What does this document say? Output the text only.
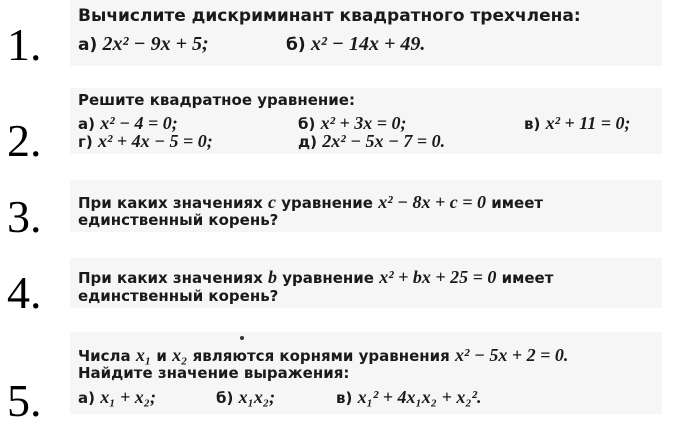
1.
Вычислите дискриминант квадратного трехчлена:
а) 2x² − 9x + 5;	б) x² − 14x + 49.
2.
Решите квадратное уравнение:
а) x² − 4 = 0;	б) x² + 3x = 0;	в) x² + 11 = 0;
г) x² + 4x − 5 = 0;	д) 2x² − 5x − 7 = 0.
3. При каких значениях c уравнение x² − 8x + c = 0 имеет
единственный корень?
4. При каких значениях b уравнение x² + bx + 25 = 0 имеет
единственный корень?
5.
Числа x₁ и x₂ являются корнями уравнения x² − 5x + 2 = 0.
Найдите значение выражения:
а) x₁ + x₂;	б) x₁x₂;	в) x₁² + 4x₁x₂ + x₂².
